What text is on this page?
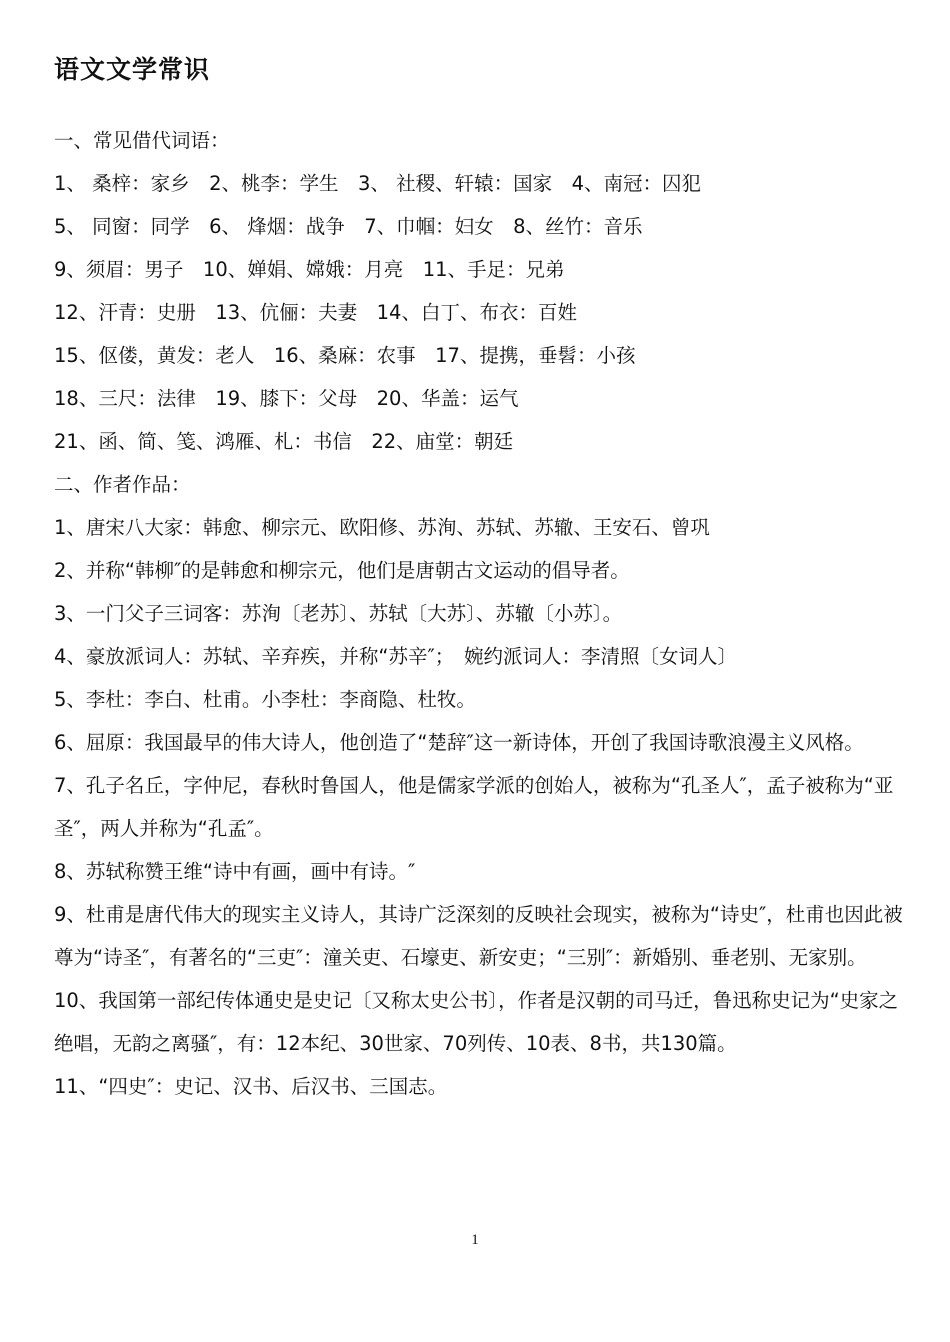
语文文学常识
一、常见借代词语：
1、 桑梓：家乡　2、桃李：学生　3、 社稷、轩辕：国家　4、南冠：囚犯
5、 同窗：同学　6、 烽烟：战争　7、巾帼：妇女　8、丝竹：音乐
9、须眉：男子　10、婵娟、嫦娥：月亮　11、手足：兄弟
12、汗青：史册　13、伉俪：夫妻　14、白丁、布衣：百姓
15、伛偻，黄发：老人　16、桑麻：农事　17、提携，垂髫：小孩
18、三尺：法律　19、膝下：父母　20、华盖：运气
21、函、简、笺、鸿雁、札：书信　22、庙堂：朝廷
二、作者作品：
1、唐宋八大家：韩愈、柳宗元、欧阳修、苏洵、苏轼、苏辙、王安石、曾巩
2、并称“韩柳″的是韩愈和柳宗元，他们是唐朝古文运动的倡导者。
3、一门父子三词客：苏洵〔老苏〕、苏轼〔大苏〕、苏辙〔小苏〕。
4、豪放派词人：苏轼、辛弃疾，并称“苏辛″；　婉约派词人：李清照〔女词人〕
5、李杜：李白、杜甫。小李杜：李商隐、杜牧。
6、屈原：我国最早的伟大诗人，他创造了“楚辞″这一新诗体，开创了我国诗歌浪漫主义风格。
7、孔子名丘，字仲尼，春秋时鲁国人，他是儒家学派的创始人，被称为“孔圣人″，孟子被称为“亚圣″，两人并称为“孔孟″。
8、苏轼称赞王维“诗中有画，画中有诗。″
9、杜甫是唐代伟大的现实主义诗人，其诗广泛深刻的反映社会现实，被称为“诗史″，杜甫也因此被尊为“诗圣″，有著名的“三吏″：潼关吏、石壕吏、新安吏；“三别″：新婚别、垂老别、无家别。
10、我国第一部纪传体通史是史记〔又称太史公书〕，作者是汉朝的司马迁，鲁迅称史记为“史家之绝唱，无韵之离骚″，有：12本纪、30世家、70列传、10表、8书，共130篇。
11、“四史″：史记、汉书、后汉书、三国志。
1
